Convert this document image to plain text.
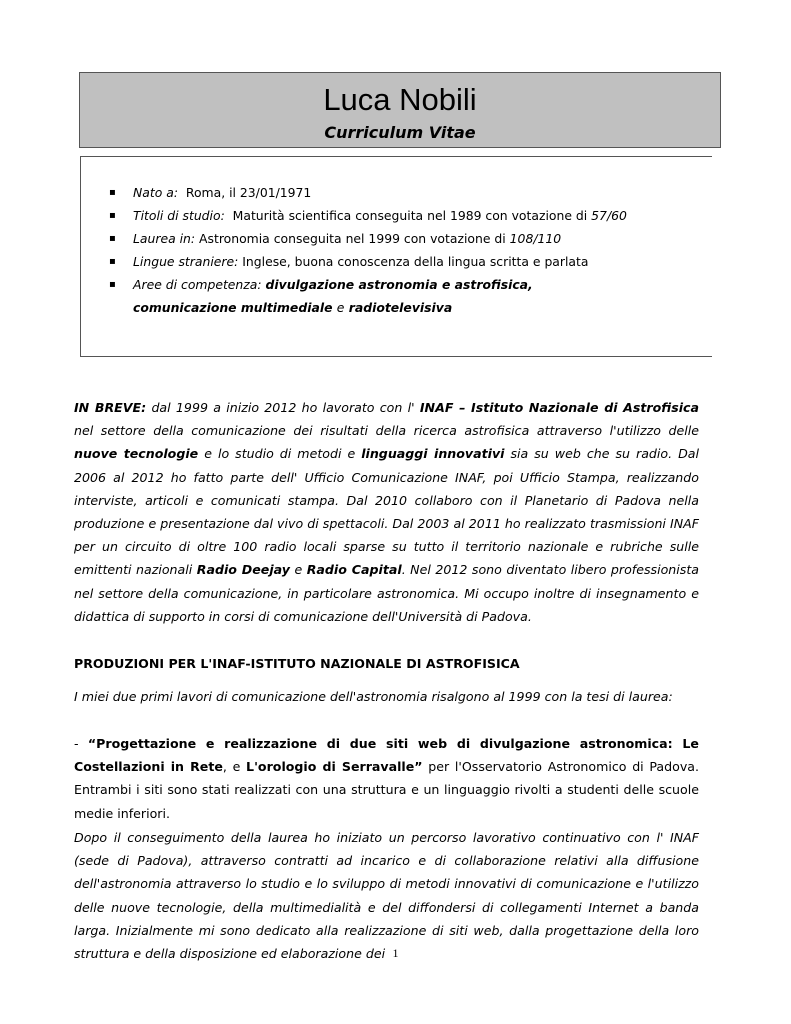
Luca Nobili
Curriculum Vitae
▪ Nato a: Roma, il 23/01/1971
▪ Titoli di studio: Maturità scientifica conseguita nel 1989 con votazione di 57/60
▪ Laurea in: Astronomia conseguita nel 1999 con votazione di 108/110
▪ Lingue straniere: Inglese, buona conoscenza della lingua scritta e parlata
▪ Aree di competenza: divulgazione astronomia e astrofisica,
comunicazione multimediale e radiotelevisiva
IN BREVE: dal 1999 a inizio 2012 ho lavorato con l' INAF – Istituto Nazionale di Astrofisica nel settore della comunicazione dei risultati della ricerca astrofisica attraverso l'utilizzo delle nuove tecnologie e lo studio di metodi e linguaggi innovativi sia su web che su radio. Dal 2006 al 2012 ho fatto parte dell' Ufficio Comunicazione INAF, poi Ufficio Stampa, realizzando interviste, articoli e comunicati stampa. Dal 2010 collaboro con il Planetario di Padova nella produzione e presentazione dal vivo di spettacoli. Dal 2003 al 2011 ho realizzato trasmissioni INAF per un circuito di oltre 100 radio locali sparse su tutto il territorio nazionale e rubriche sulle emittenti nazionali Radio Deejay e Radio Capital. Nel 2012 sono diventato libero professionista nel settore della comunicazione, in particolare astronomica. Mi occupo inoltre di insegnamento e didattica di supporto in corsi di comunicazione dell'Università di Padova.
PRODUZIONI PER L'INAF-ISTITUTO NAZIONALE DI ASTROFISICA
I miei due primi lavori di comunicazione dell'astronomia risalgono al 1999 con la tesi di laurea:
- “Progettazione e realizzazione di due siti web di divulgazione astronomica: Le Costellazioni in Rete, e L'orologio di Serravalle” per l'Osservatorio Astronomico di Padova. Entrambi i siti sono stati realizzati con una struttura e un linguaggio rivolti a studenti delle scuole medie inferiori.
Dopo il conseguimento della laurea ho iniziato un percorso lavorativo continuativo con l' INAF (sede di Padova), attraverso contratti ad incarico e di collaborazione relativi alla diffusione dell'astronomia attraverso lo studio e lo sviluppo di metodi innovativi di comunicazione e l'utilizzo delle nuove tecnologie, della multimedialità e del diffondersi di collegamenti Internet a banda larga. Inizialmente mi sono dedicato alla realizzazione di siti web, dalla progettazione della loro struttura e della disposizione ed elaborazione dei 1
